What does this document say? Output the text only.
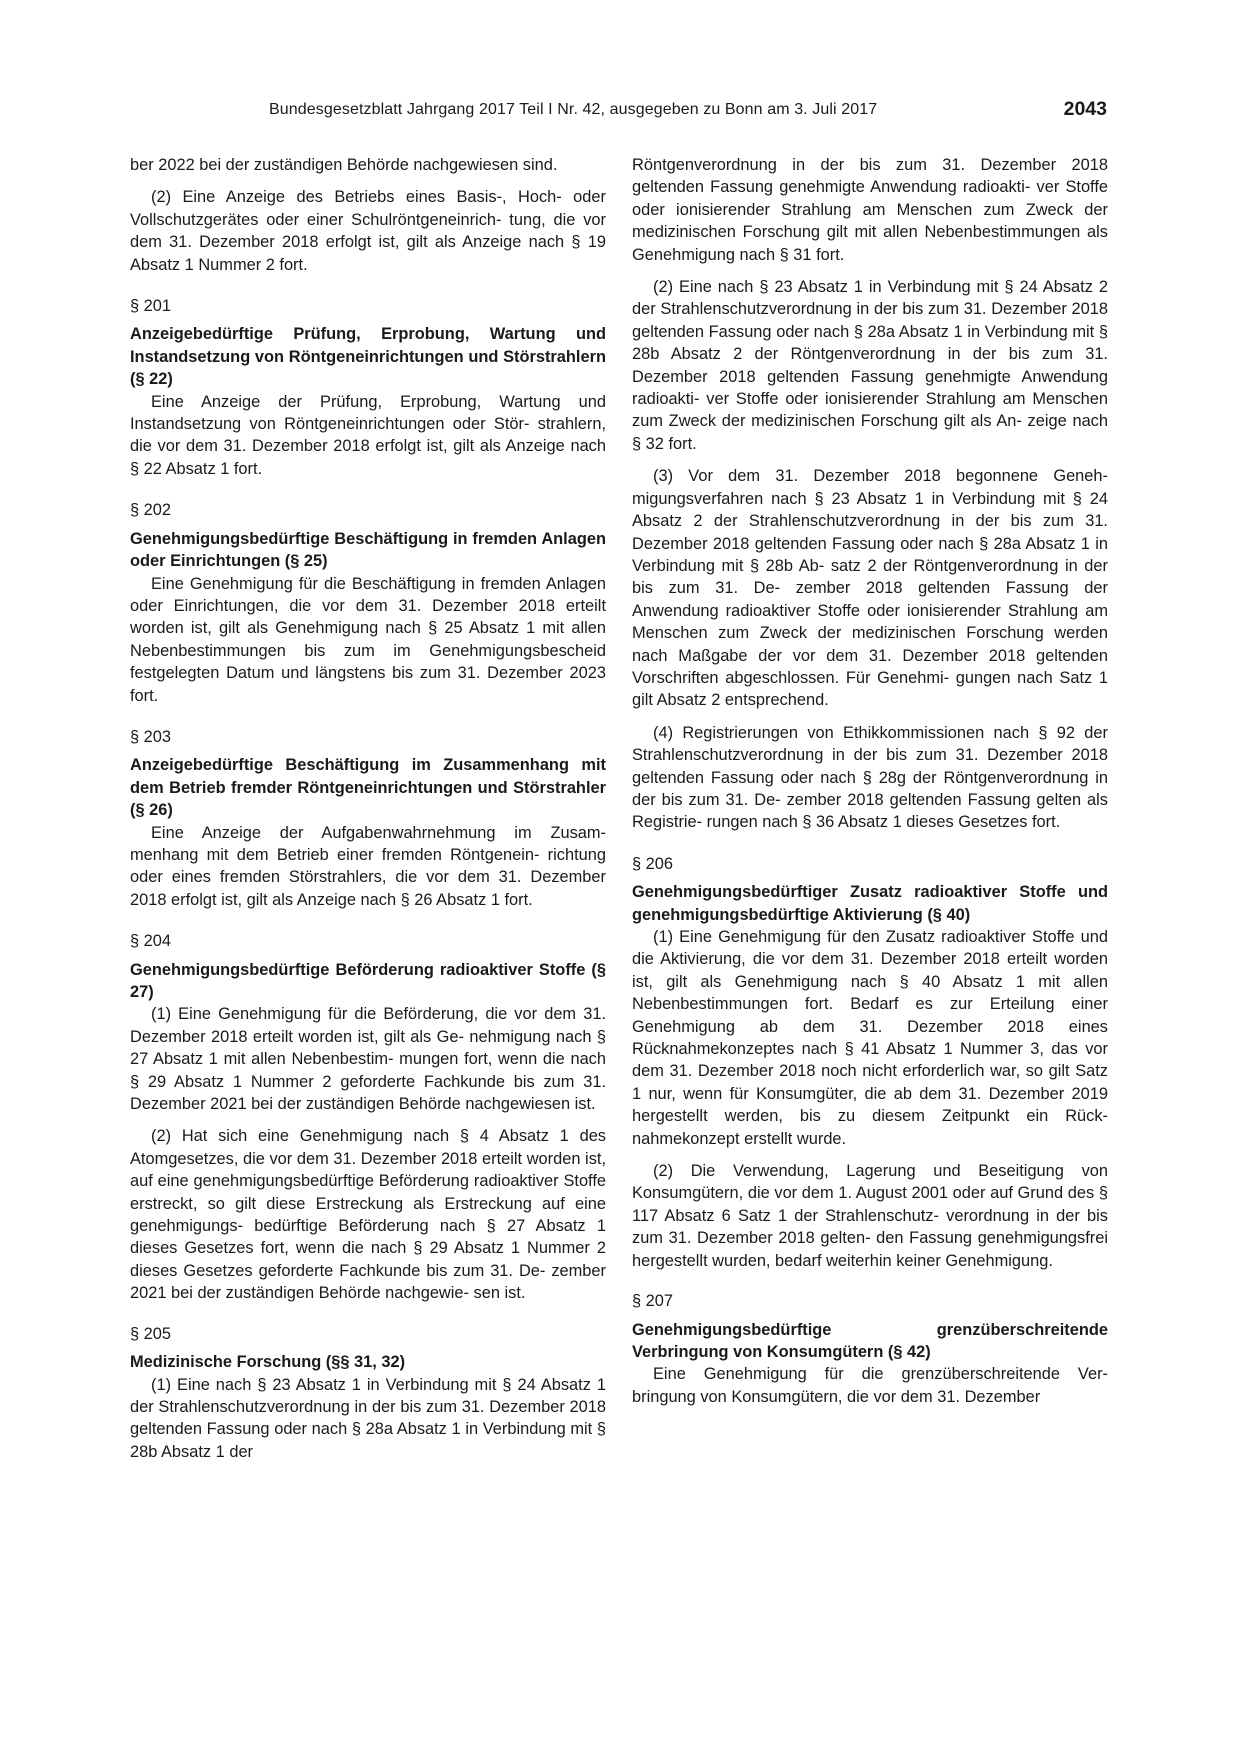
Bundesgesetzblatt Jahrgang 2017 Teil I Nr. 42, ausgegeben zu Bonn am 3. Juli 2017	2043

ber 2022 bei der zuständigen Behörde nachgewiesen sind.

(2) Eine Anzeige des Betriebs eines Basis-, Hoch- oder Vollschutzgerätes oder einer Schulröntgeneinrich- tung, die vor dem 31. Dezember 2018 erfolgt ist, gilt als Anzeige nach § 19 Absatz 1 Nummer 2 fort.

§ 201

Anzeigebedürftige Prüfung, Erprobung, Wartung und Instandsetzung von Röntgeneinrichtungen und Störstrahlern (§ 22)

Eine Anzeige der Prüfung, Erprobung, Wartung und Instandsetzung von Röntgeneinrichtungen oder Stör- strahlern, die vor dem 31. Dezember 2018 erfolgt ist, gilt als Anzeige nach § 22 Absatz 1 fort.

§ 202

Genehmigungsbedürftige Beschäftigung in fremden Anlagen oder Einrichtungen (§ 25)

Eine Genehmigung für die Beschäftigung in fremden Anlagen oder Einrichtungen, die vor dem 31. Dezember 2018 erteilt worden ist, gilt als Genehmigung nach § 25 Absatz 1 mit allen Nebenbestimmungen bis zum im Genehmigungsbescheid festgelegten Datum und längstens bis zum 31. Dezember 2023 fort.

§ 203

Anzeigebedürftige Beschäftigung im Zusammenhang mit dem Betrieb fremder Röntgeneinrichtungen und Störstrahler (§ 26)

Eine Anzeige der Aufgabenwahrnehmung im Zusam- menhang mit dem Betrieb einer fremden Röntgenein- richtung oder eines fremden Störstrahlers, die vor dem 31. Dezember 2018 erfolgt ist, gilt als Anzeige nach § 26 Absatz 1 fort.

§ 204

Genehmigungsbedürftige Beförderung radioaktiver Stoffe (§ 27)

(1) Eine Genehmigung für die Beförderung, die vor dem 31. Dezember 2018 erteilt worden ist, gilt als Ge- nehmigung nach § 27 Absatz 1 mit allen Nebenbestim- mungen fort, wenn die nach § 29 Absatz 1 Nummer 2 geforderte Fachkunde bis zum 31. Dezember 2021 bei der zuständigen Behörde nachgewiesen ist.

(2) Hat sich eine Genehmigung nach § 4 Absatz 1 des Atomgesetzes, die vor dem 31. Dezember 2018 erteilt worden ist, auf eine genehmigungsbedürftige Beförderung radioaktiver Stoffe erstreckt, so gilt diese Erstreckung als Erstreckung auf eine genehmigungs- bedürftige Beförderung nach § 27 Absatz 1 dieses Gesetzes fort, wenn die nach § 29 Absatz 1 Nummer 2 dieses Gesetzes geforderte Fachkunde bis zum 31. De- zember 2021 bei der zuständigen Behörde nachgewie- sen ist.

§ 205

Medizinische Forschung (§§ 31, 32)

(1) Eine nach § 23 Absatz 1 in Verbindung mit § 24 Absatz 1 der Strahlenschutzverordnung in der bis zum 31. Dezember 2018 geltenden Fassung oder nach § 28a Absatz 1 in Verbindung mit § 28b Absatz 1 der

Röntgenverordnung in der bis zum 31. Dezember 2018 geltenden Fassung genehmigte Anwendung radioakti- ver Stoffe oder ionisierender Strahlung am Menschen zum Zweck der medizinischen Forschung gilt mit allen Nebenbestimmungen als Genehmigung nach § 31 fort.

(2) Eine nach § 23 Absatz 1 in Verbindung mit § 24 Absatz 2 der Strahlenschutzverordnung in der bis zum 31. Dezember 2018 geltenden Fassung oder nach § 28a Absatz 1 in Verbindung mit § 28b Absatz 2 der Röntgenverordnung in der bis zum 31. Dezember 2018 geltenden Fassung genehmigte Anwendung radioakti- ver Stoffe oder ionisierender Strahlung am Menschen zum Zweck der medizinischen Forschung gilt als An- zeige nach § 32 fort.

(3) Vor dem 31. Dezember 2018 begonnene Geneh- migungsverfahren nach § 23 Absatz 1 in Verbindung mit § 24 Absatz 2 der Strahlenschutzverordnung in der bis zum 31. Dezember 2018 geltenden Fassung oder nach § 28a Absatz 1 in Verbindung mit § 28b Ab- satz 2 der Röntgenverordnung in der bis zum 31. De- zember 2018 geltenden Fassung der Anwendung radioaktiver Stoffe oder ionisierender Strahlung am Menschen zum Zweck der medizinischen Forschung werden nach Maßgabe der vor dem 31. Dezember 2018 geltenden Vorschriften abgeschlossen. Für Genehmi- gungen nach Satz 1 gilt Absatz 2 entsprechend.

(4) Registrierungen von Ethikkommissionen nach § 92 der Strahlenschutzverordnung in der bis zum 31. Dezember 2018 geltenden Fassung oder nach § 28g der Röntgenverordnung in der bis zum 31. De- zember 2018 geltenden Fassung gelten als Registrie- rungen nach § 36 Absatz 1 dieses Gesetzes fort.

§ 206

Genehmigungsbedürftiger Zusatz radioaktiver Stoffe und genehmigungsbedürftige Aktivierung (§ 40)

(1) Eine Genehmigung für den Zusatz radioaktiver Stoffe und die Aktivierung, die vor dem 31. Dezember 2018 erteilt worden ist, gilt als Genehmigung nach § 40 Absatz 1 mit allen Nebenbestimmungen fort. Bedarf es zur Erteilung einer Genehmigung ab dem 31. Dezember 2018 eines Rücknahmekonzeptes nach § 41 Absatz 1 Nummer 3, das vor dem 31. Dezember 2018 noch nicht erforderlich war, so gilt Satz 1 nur, wenn für Konsumgüter, die ab dem 31. Dezember 2019 hergestellt werden, bis zu diesem Zeitpunkt ein Rück- nahmekonzept erstellt wurde.

(2) Die Verwendung, Lagerung und Beseitigung von Konsumgütern, die vor dem 1. August 2001 oder auf Grund des § 117 Absatz 6 Satz 1 der Strahlenschutz- verordnung in der bis zum 31. Dezember 2018 gelten- den Fassung genehmigungsfrei hergestellt wurden, bedarf weiterhin keiner Genehmigung.

§ 207

Genehmigungsbedürftige grenzüberschreitende Verbringung von Konsumgütern (§ 42)

Eine Genehmigung für die grenzüberschreitende Ver- bringung von Konsumgütern, die vor dem 31. Dezember
